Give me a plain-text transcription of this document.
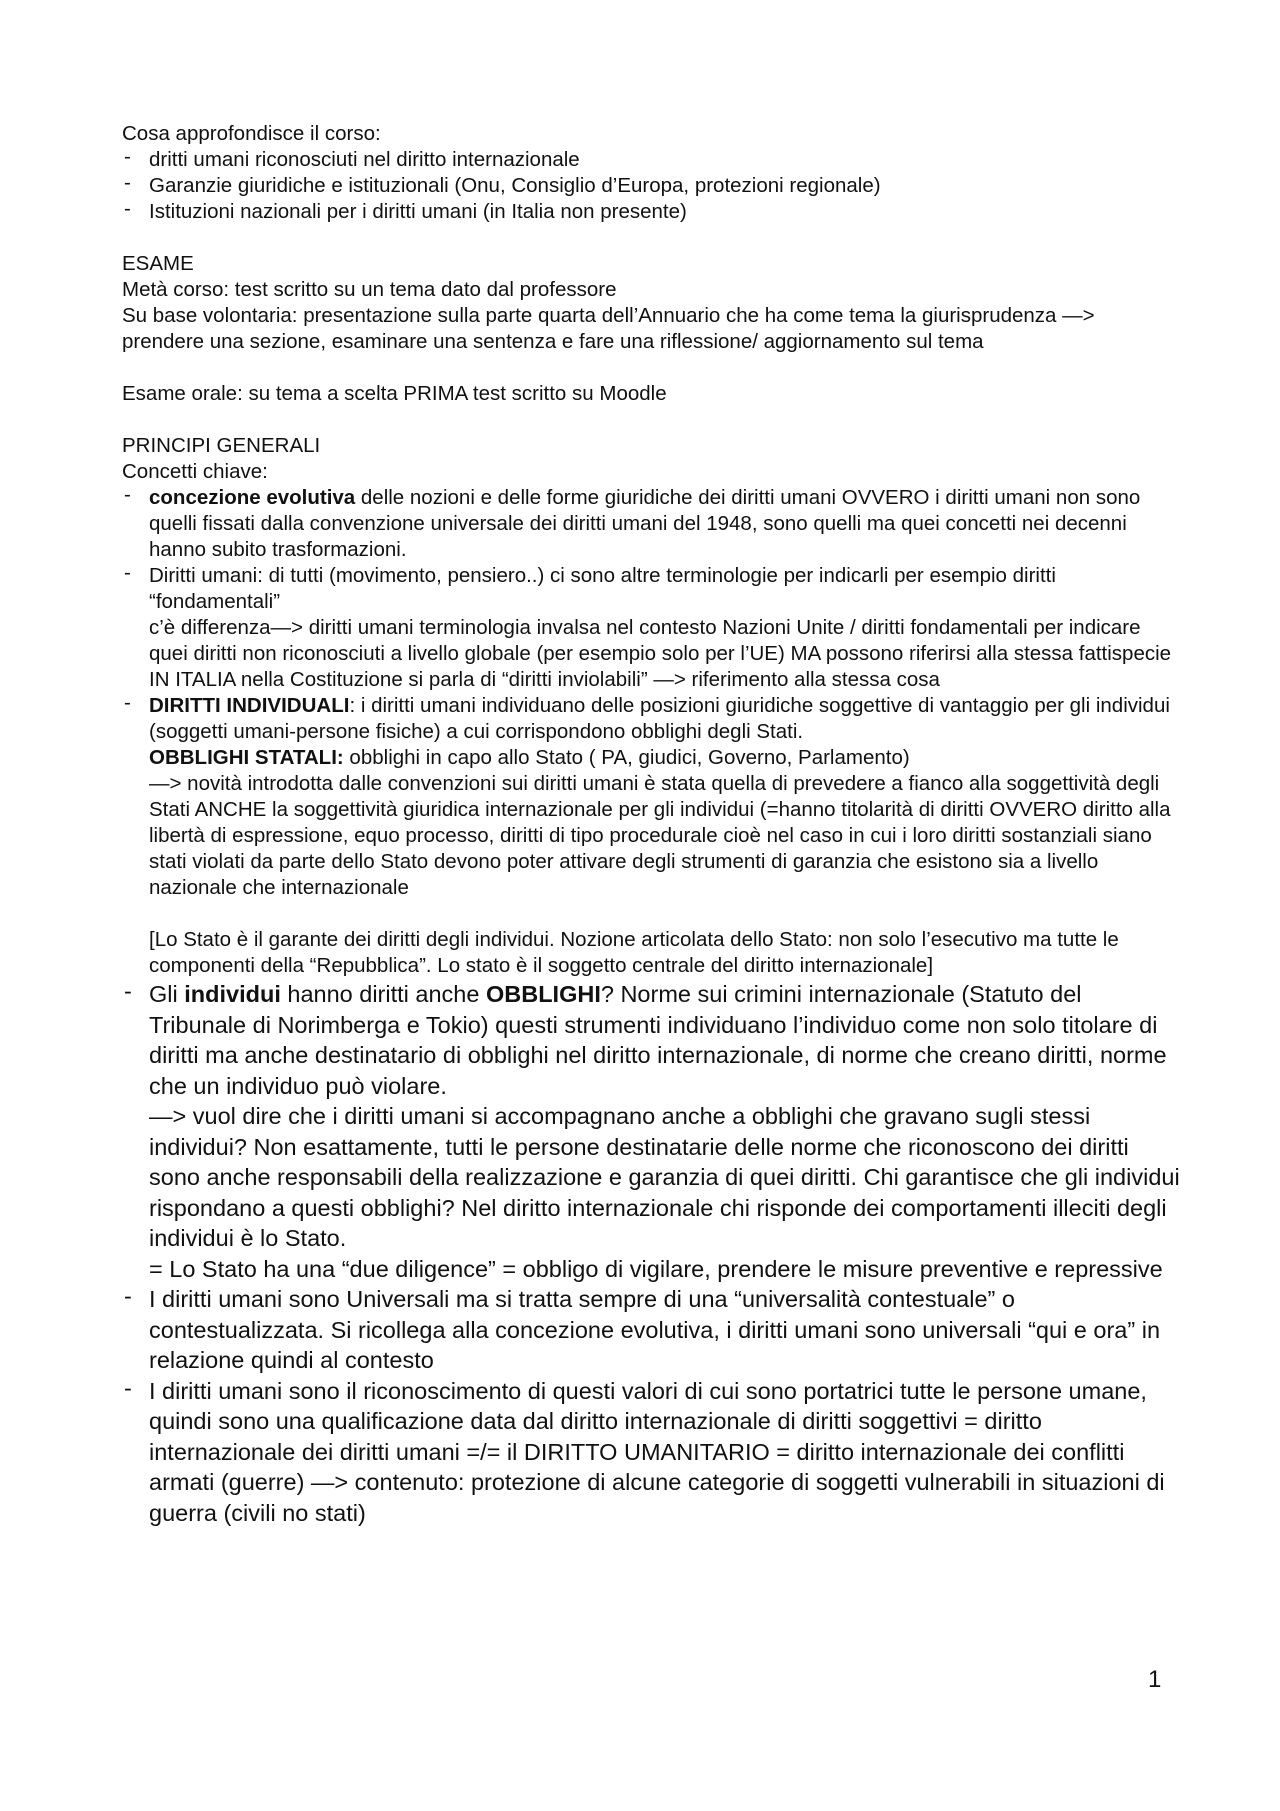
Cosa approfondisce il corso:

- dritti umani riconosciuti nel diritto internazionale
- Garanzie giuridiche e istituzionali (Onu, Consiglio d’Europa, protezioni regionale)
- Istituzioni nazionali per i diritti umani (in Italia non presente)

ESAME

Metà corso: test scritto su un tema dato dal professore

Su base volontaria: presentazione sulla parte quarta dell’Annuario che ha come tema la giurisprudenza —> prendere una sezione, esaminare una sentenza e fare una riflessione/ aggiornamento sul tema

Esame orale: su tema a scelta PRIMA test scritto su Moodle

PRINCIPI GENERALI

Concetti chiave:

- concezione evolutiva delle nozioni e delle forme giuridiche dei diritti umani OVVERO i diritti umani non sono quelli fissati dalla convenzione universale dei diritti umani del 1948, sono quelli ma quei concetti nei decenni hanno subito trasformazioni.

- Diritti umani: di tutti (movimento, pensiero..) ci sono altre terminologie per indicarli per esempio diritti “fondamentali”

c’è differenza—> diritti umani terminologia invalsa nel contesto Nazioni Unite / diritti fondamentali per indicare quei diritti non riconosciuti a livello globale (per esempio solo per l’UE) MA possono riferirsi alla stessa fattispecie

IN ITALIA nella Costituzione si parla di “diritti inviolabili” —> riferimento alla stessa cosa

- DIRITTI INDIVIDUALI: i diritti umani individuano delle posizioni giuridiche soggettive di vantaggio per gli individui (soggetti umani-persone fisiche) a cui corrispondono obblighi degli Stati.

OBBLIGHI STATALI: obblighi in capo allo Stato ( PA, giudici, Governo, Parlamento)

—> novità introdotta dalle convenzioni sui diritti umani è stata quella di prevedere a fianco alla soggettività degli Stati ANCHE la soggettività giuridica internazionale per gli individui (=hanno titolarità di diritti OVVERO diritto alla libertà di espressione, equo processo, diritti di tipo procedurale cioè nel caso in cui i loro diritti sostanziali siano stati violati da parte dello Stato devono poter attivare degli strumenti di garanzia che esistono sia a livello nazionale che internazionale

[Lo Stato è il garante dei diritti degli individui. Nozione articolata dello Stato: non solo l’esecutivo ma tutte le componenti della “Repubblica”. Lo stato è il soggetto centrale del diritto internazionale]

- Gli individui hanno diritti anche OBBLIGHI? Norme sui crimini internazionale (Statuto del Tribunale di Norimberga e Tokio) questi strumenti individuano l’individuo come non solo titolare di diritti ma anche destinatario di obblighi nel diritto internazionale, di norme che creano diritti, norme che un individuo può violare.

—> vuol dire che i diritti umani si accompagnano anche a obblighi che gravano sugli stessi individui? Non esattamente, tutti le persone destinatarie delle norme che riconoscono dei diritti sono anche responsabili della realizzazione e garanzia di quei diritti. Chi garantisce che gli individui rispondano a questi obblighi? Nel diritto internazionale chi risponde dei comportamenti illeciti degli individui è lo Stato.

= Lo Stato ha una “due diligence” = obbligo di vigilare, prendere le misure preventive e repressive

- I diritti umani sono Universali ma si tratta sempre di una “universalità contestuale” o contestualizzata. Si ricollega alla concezione evolutiva, i diritti umani sono universali “qui e ora” in relazione quindi al contesto
- I diritti umani sono il riconoscimento di questi valori di cui sono portatrici tutte le persone umane, quindi sono una qualificazione data dal diritto internazionale di diritti soggettivi = diritto internazionale dei diritti umani =/= il DIRITTO UMANITARIO = diritto internazionale dei conflitti armati (guerre) —> contenuto: protezione di alcune categorie di soggetti vulnerabili in situazioni di guerra (civili no stati)
1
